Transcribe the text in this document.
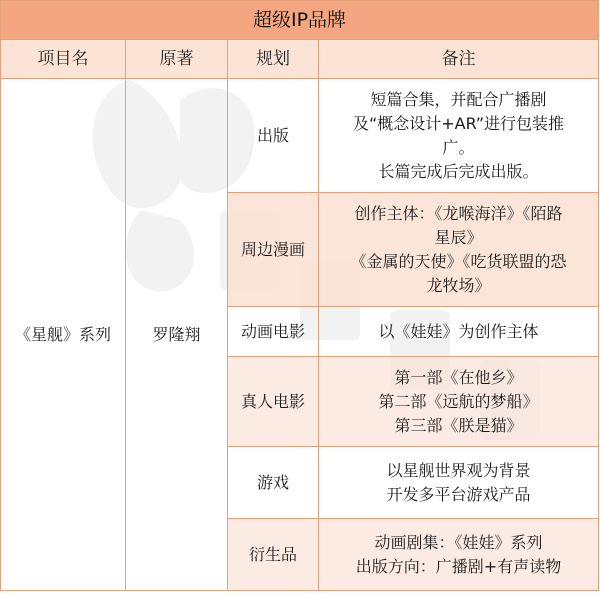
超级IP品牌			
项目名	原著	规划	备注
《星舰》系列	罗隆翔	出版	短篇合集，并配合广播剧
及“概念设计+AR”进行包装推
广。
长篇完成后完成出版。

		周边漫画	创作主体：《龙喉海洋》《陌路
星辰》
《金属的天使》《吃货联盟的恐
龙牧场》

		动画电影	以《娃娃》为创作主体

		真人电影	第一部《在他乡》
第二部《远航的梦船》
第三部《朕是猫》

		游戏	以星舰世界观为背景
开发多平台游戏产品

		衍生品	动画剧集：《娃娃》系列
出版方向：广播剧+有声读物
